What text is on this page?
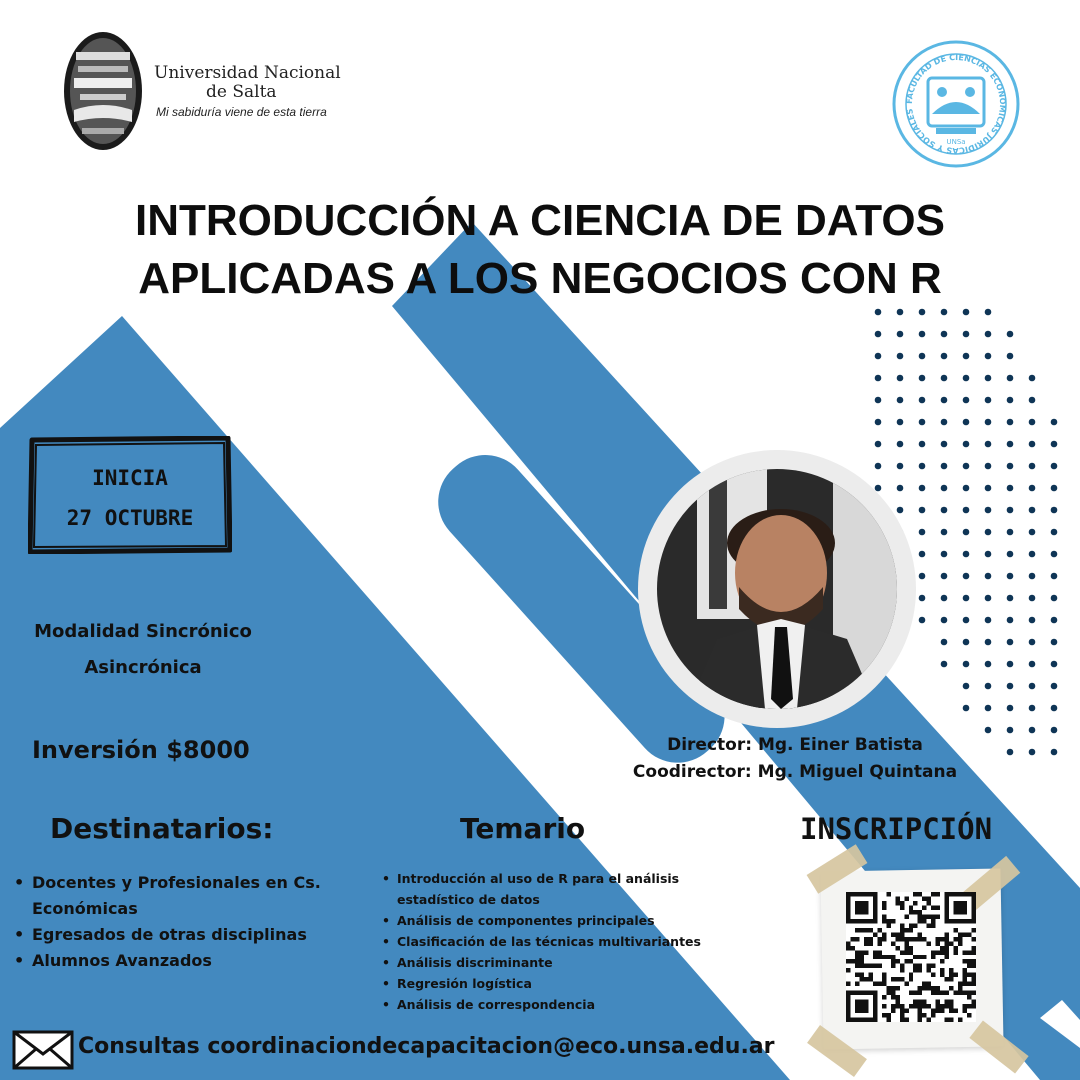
Universidad Nacional
de Salta
Mi sabiduría viene de esta tierra
FACULTAD DE CIENCIAS ECONOMICAS JURIDICAS Y SOCIALES
UNSa
INTRODUCCIÓN A CIENCIA DE DATOS
APLICADAS A LOS NEGOCIOS CON R
INICIA
27 OCTUBRE
Modalidad Sincrónico
Asincrónica
Inversión $8000	Director: Mg. Einer Batista
Coodirector: Mg. Miguel Quintana
Destinatarios:	Temario	INSCRIPCIÓN
• Docentes y Profesionales en Cs. Económicas
• Egresados de otras disciplinas
• Alumnos Avanzados
• Introducción al uso de R para el análisis estadístico de datos
• Análisis de componentes principales
• Clasificación de las técnicas multivariantes
• Análisis discriminante
• Regresión logística
• Análisis de correspondencia
Consultas coordinaciondecapacitacion@eco.unsa.edu.ar
